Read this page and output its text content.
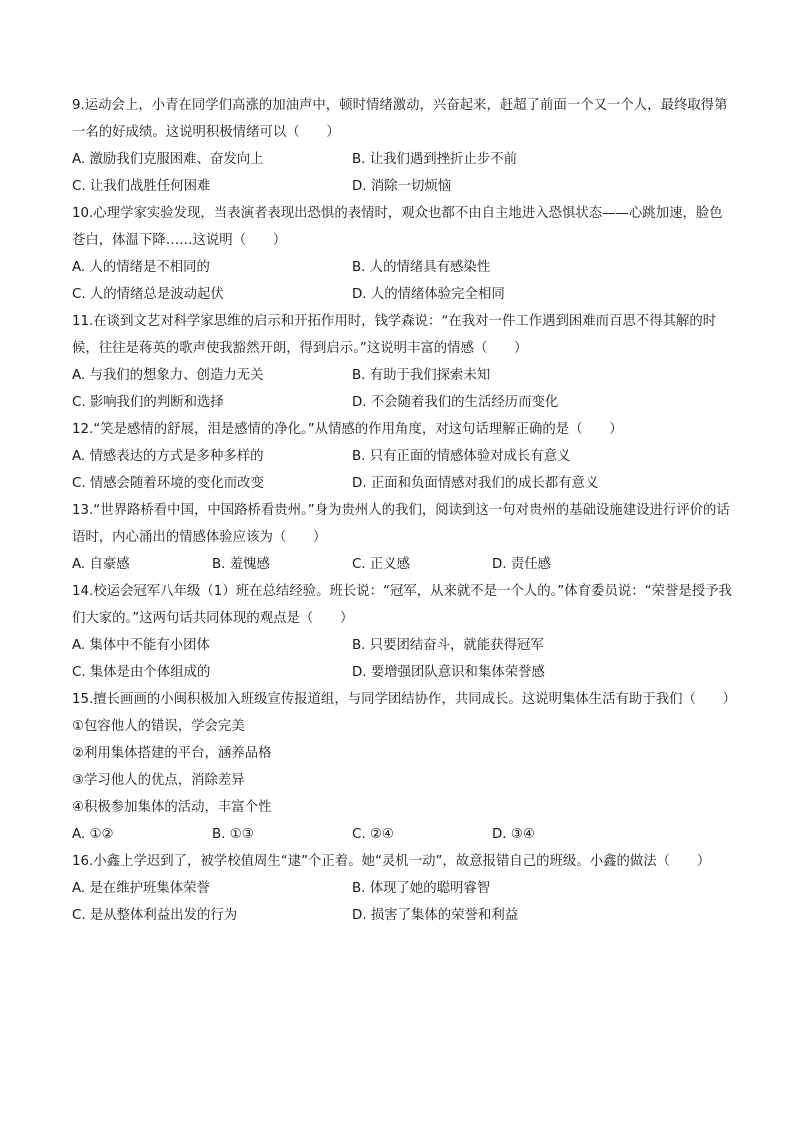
9.运动会上，小青在同学们高涨的加油声中，顿时情绪激动，兴奋起来，赶超了前面一个又一个人，最终取得第一名的好成绩。这说明积极情绪可以（　　）

A. 激励我们克服困难、奋发向上	B. 让我们遇到挫折止步不前
C. 让我们战胜任何困难	D. 消除一切烦恼

10.心理学家实验发现，当表演者表现出恐惧的表情时，观众也都不由自主地进入恐惧状态——心跳加速，脸色苍白，体温下降……这说明（　　）

A. 人的情绪是不相同的	B. 人的情绪具有感染性
C. 人的情绪总是波动起伏	D. 人的情绪体验完全相同

11.在谈到文艺对科学家思维的启示和开拓作用时，钱学森说：“在我对一件工作遇到困难而百思不得其解的时候，往往是蒋英的歌声使我豁然开朗，得到启示。”这说明丰富的情感（　　）

A. 与我们的想象力、创造力无关	B. 有助于我们探索未知
C. 影响我们的判断和选择	D. 不会随着我们的生活经历而变化

12.“笑是感情的舒展，泪是感情的净化。”从情感的作用角度，对这句话理解正确的是（　　）

A. 情感表达的方式是多种多样的	B. 只有正面的情感体验对成长有意义
C. 情感会随着环境的变化而改变	D. 正面和负面情感对我们的成长都有意义

13.“世界路桥看中国，中国路桥看贵州。”身为贵州人的我们，阅读到这一句对贵州的基础设施建设进行评价的话语时，内心涌出的情感体验应该为（　　）

A. 自豪感	B. 羞愧感	C. 正义感	D. 责任感

14.校运会冠军八年级（1）班在总结经验。班长说：“冠军，从来就不是一个人的。”体育委员说：“荣誉是授予我们大家的。”这两句话共同体现的观点是（　　）

A. 集体中不能有小团体	B. 只要团结奋斗，就能获得冠军
C. 集体是由个体组成的	D. 要增强团队意识和集体荣誉感

15.擅长画画的小闽积极加入班级宣传报道组，与同学团结协作，共同成长。这说明集体生活有助于我们（　　）

①包容他人的错误，学会完美
②利用集体搭建的平台，涵养品格
③学习他人的优点，消除差异
④积极参加集体的活动，丰富个性
A. ①②	B. ①③	C. ②④	D. ③④

16.小鑫上学迟到了，被学校值周生“逮”个正着。她“灵机一动”，故意报错自己的班级。小鑫的做法（　　）

A. 是在维护班集体荣誉	B. 体现了她的聪明睿智
C. 是从整体利益出发的行为	D. 损害了集体的荣誉和利益
